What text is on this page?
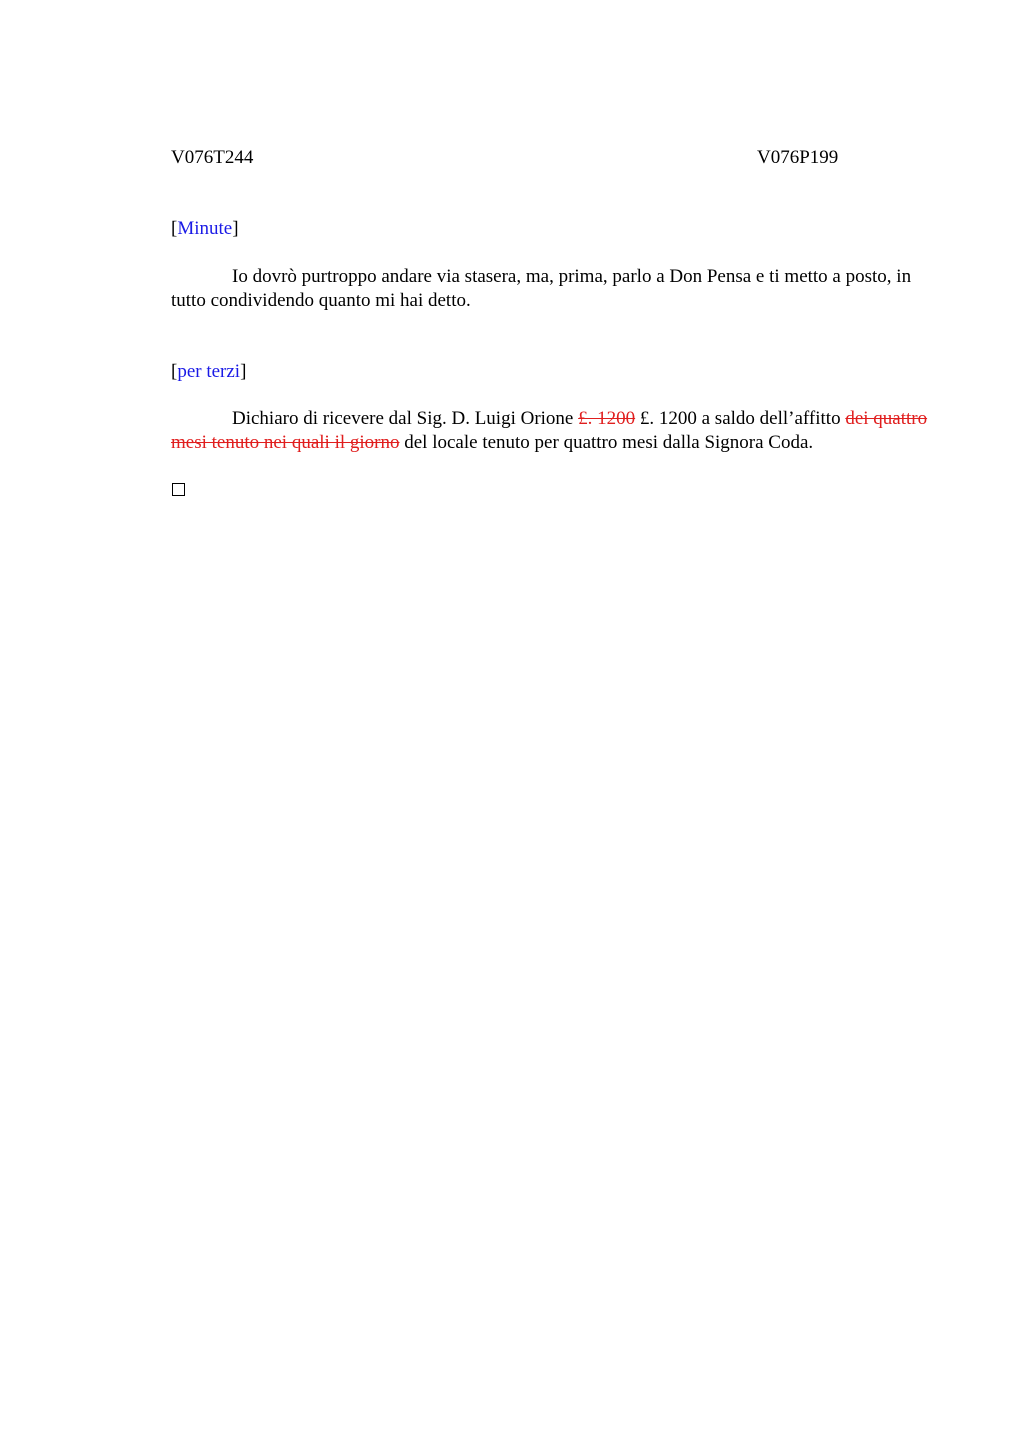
V076T244	V076P199
[Minute]

Io dovrò purtroppo andare via stasera, ma, prima, parlo a Don Pensa e ti metto a posto, in tutto condividendo quanto mi hai detto.

[per terzi]

Dichiaro di ricevere dal Sig. D. Luigi Orione £. 1200 £. 1200 a saldo dell’affitto dei quattro mesi tenuto nei quali il giorno del locale tenuto per quattro mesi dalla Signora Coda.
